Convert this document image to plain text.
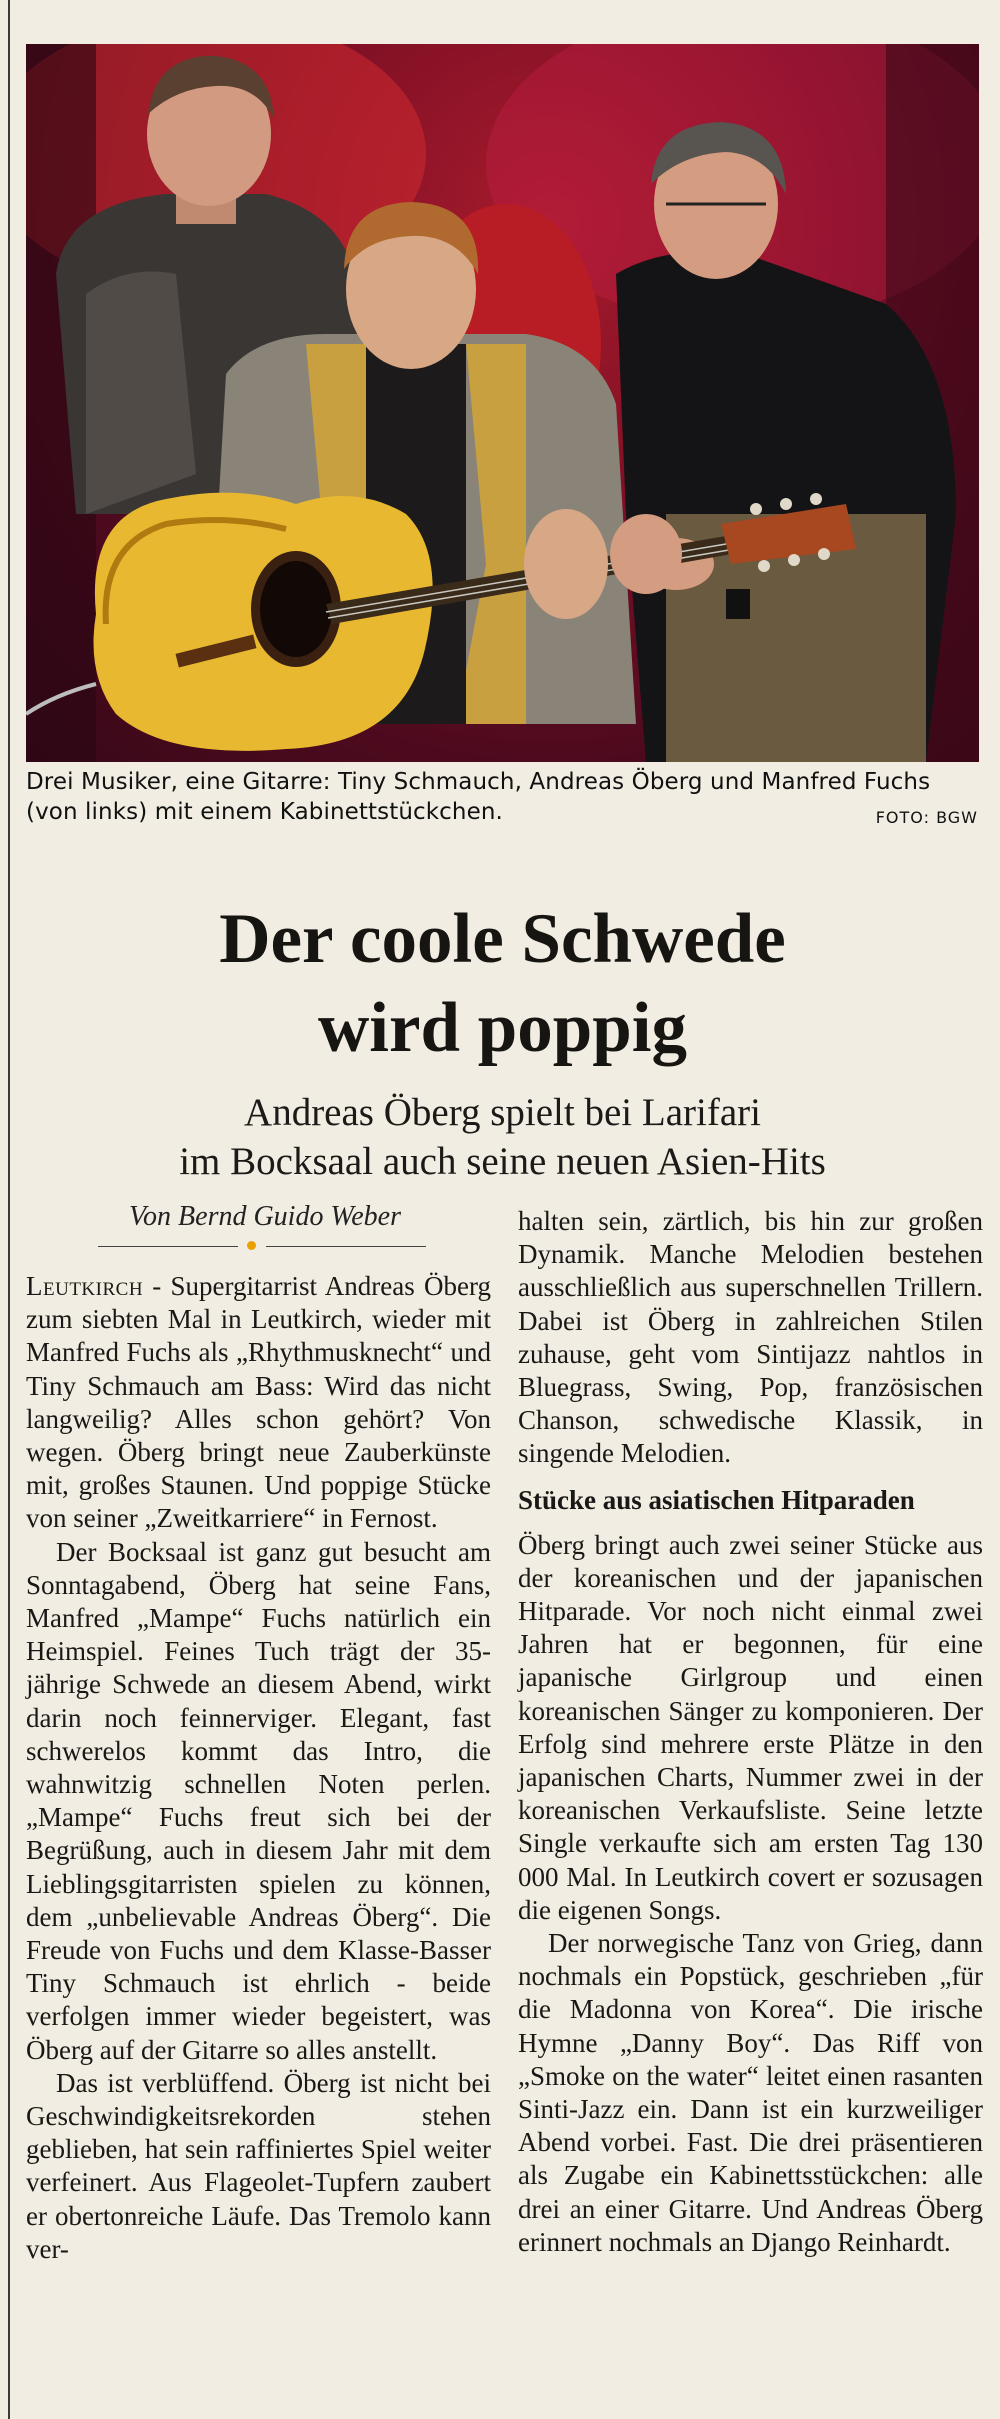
Drei Musiker, eine Gitarre: Tiny Schmauch, Andreas Öberg und Manfred Fuchs (von links) mit einem Kabinettstückchen.	FOTO: BGW
Der coole Schwede
wird poppig
Andreas Öberg spielt bei Larifari
im Bocksaal auch seine neuen Asien-Hits
Von Bernd Guido Weber

Leutkirch - Supergitarrist Andreas Öberg zum siebten Mal in Leutkirch, wieder mit Manfred Fuchs als „Rhythmusknecht“ und Tiny Schmauch am Bass: Wird das nicht langweilig? Alles schon gehört? Von wegen. Öberg bringt neue Zauberkünste mit, großes Staunen. Und poppige Stücke von seiner „Zweitkarriere“ in Fernost.

Der Bocksaal ist ganz gut besucht am Sonntagabend, Öberg hat seine Fans, Manfred „Mampe“ Fuchs natürlich ein Heimspiel. Feines Tuch trägt der 35-jährige Schwede an diesem Abend, wirkt darin noch feinnerviger. Elegant, fast schwerelos kommt das Intro, die wahnwitzig schnellen Noten perlen. „Mampe“ Fuchs freut sich bei der Begrüßung, auch in diesem Jahr mit dem Lieblingsgitarristen spielen zu können, dem „unbelievable Andreas Öberg“. Die Freude von Fuchs und dem Klasse-Basser Tiny Schmauch ist ehrlich - beide verfolgen immer wieder begeistert, was Öberg auf der Gitarre so alles anstellt.

Das ist verblüffend. Öberg ist nicht bei Geschwindigkeitsrekorden stehen geblieben, hat sein raffiniertes Spiel weiter verfeinert. Aus Flageolet-Tupfern zaubert er obertonreiche Läufe. Das Tremolo kann ver-

halten sein, zärtlich, bis hin zur großen Dynamik. Manche Melodien bestehen ausschließlich aus superschnellen Trillern. Dabei ist Öberg in zahlreichen Stilen zuhause, geht vom Sintijazz nahtlos in Bluegrass, Swing, Pop, französischen Chanson, schwedische Klassik, in singende Melodien.

Stücke aus asiatischen Hitparaden

Öberg bringt auch zwei seiner Stücke aus der koreanischen und der japanischen Hitparade. Vor noch nicht einmal zwei Jahren hat er begonnen, für eine japanische Girlgroup und einen koreanischen Sänger zu komponieren. Der Erfolg sind mehrere erste Plätze in den japanischen Charts, Nummer zwei in der koreanischen Verkaufsliste. Seine letzte Single verkaufte sich am ersten Tag 130 000 Mal. In Leutkirch covert er sozusagen die eigenen Songs.

Der norwegische Tanz von Grieg, dann nochmals ein Popstück, geschrieben „für die Madonna von Korea“. Die irische Hymne „Danny Boy“. Das Riff von „Smoke on the water“ leitet einen rasanten Sinti-Jazz ein. Dann ist ein kurzweiliger Abend vorbei. Fast. Die drei präsentieren als Zugabe ein Kabinettsstückchen: alle drei an einer Gitarre. Und Andreas Öberg erinnert nochmals an Django Reinhardt.
